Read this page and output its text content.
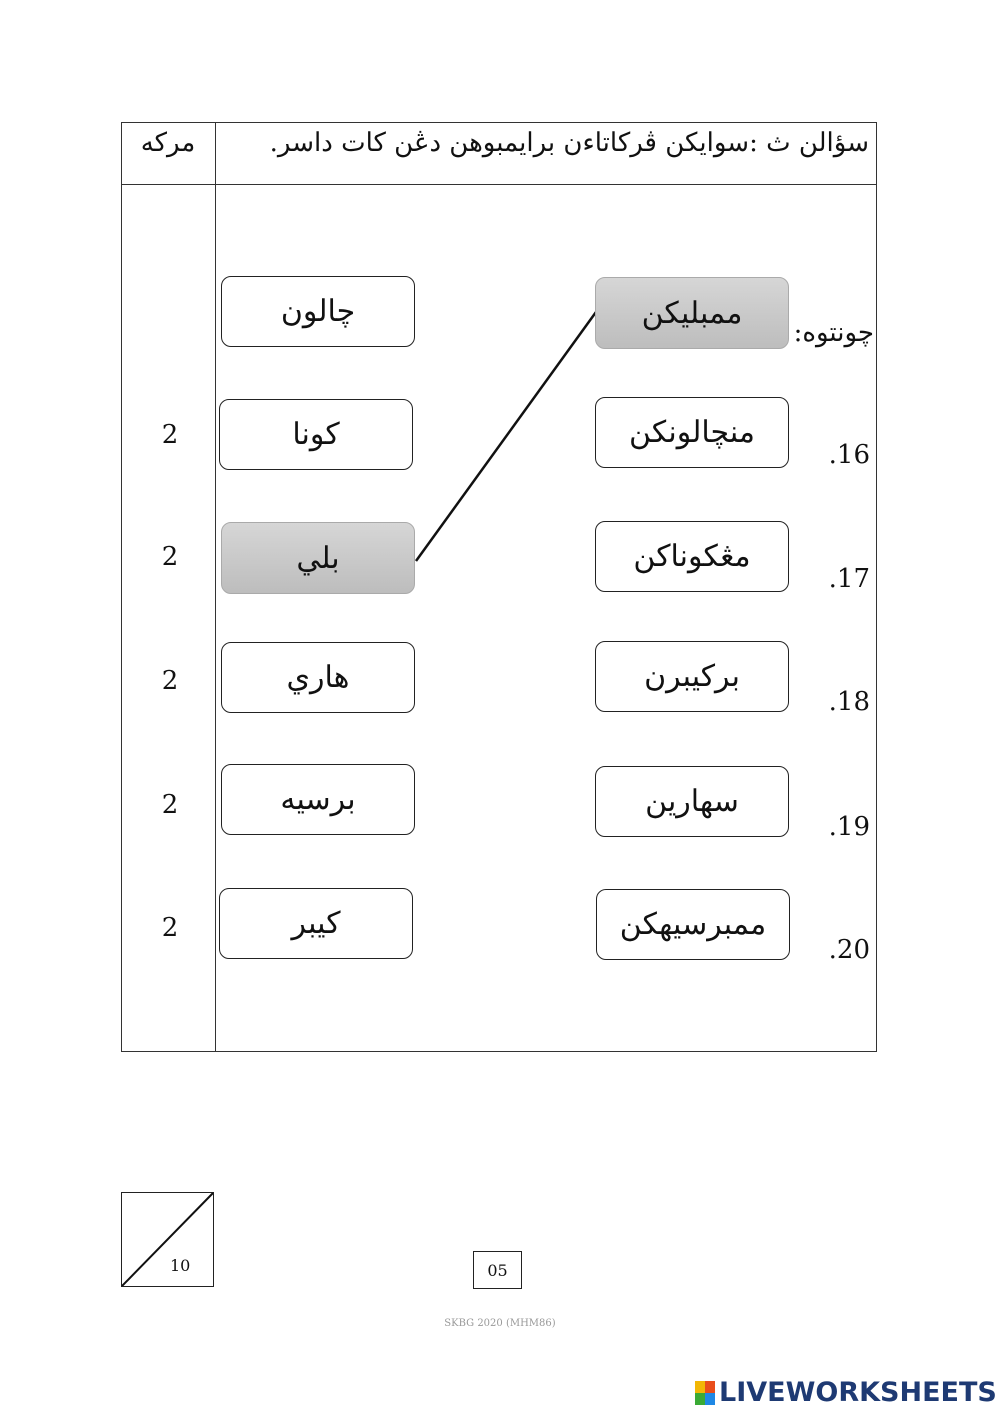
مركه	سؤالن ث :سوايكن ڤركاتاءن برايمبوهن دڠن كات داسر.
چونتوه:
چالون
كونا
بلي
هاري
برسيه
كيبر
ممبليكن
منچالونكن
مڠكوناكن
بركيبرن
سهارين
ممبرسيهكن
.16
.17
.18
.19
.20
2
2
2
2
2
10	05
SKBG 2020 (MHM86)
LIVEWORKSHEETS
